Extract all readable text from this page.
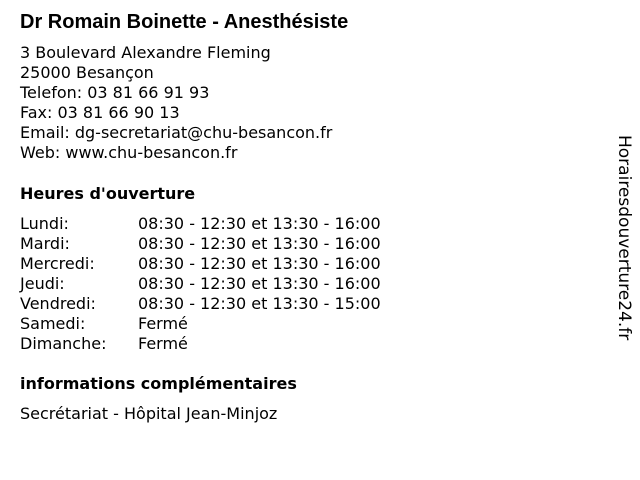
Dr Romain Boinette - Anesthésiste
3 Boulevard Alexandre Fleming
25000 Besançon
Telefon: 03 81 66 91 93
Fax: 03 81 66 90 13
Email: dg-secretariat@chu-besancon.fr
Web: www.chu-besancon.fr
Heures d'ouverture
Lundi:	08:30 - 12:30 et 13:30 - 16:00
Mardi:	08:30 - 12:30 et 13:30 - 16:00
Mercredi:	08:30 - 12:30 et 13:30 - 16:00
Jeudi:	08:30 - 12:30 et 13:30 - 16:00
Vendredi:	08:30 - 12:30 et 13:30 - 15:00
Samedi:	Fermé
Dimanche: Fermé
informations complémentaires
Secrétariat - Hôpital Jean-Minjoz
Horairesdouverture24.fr
